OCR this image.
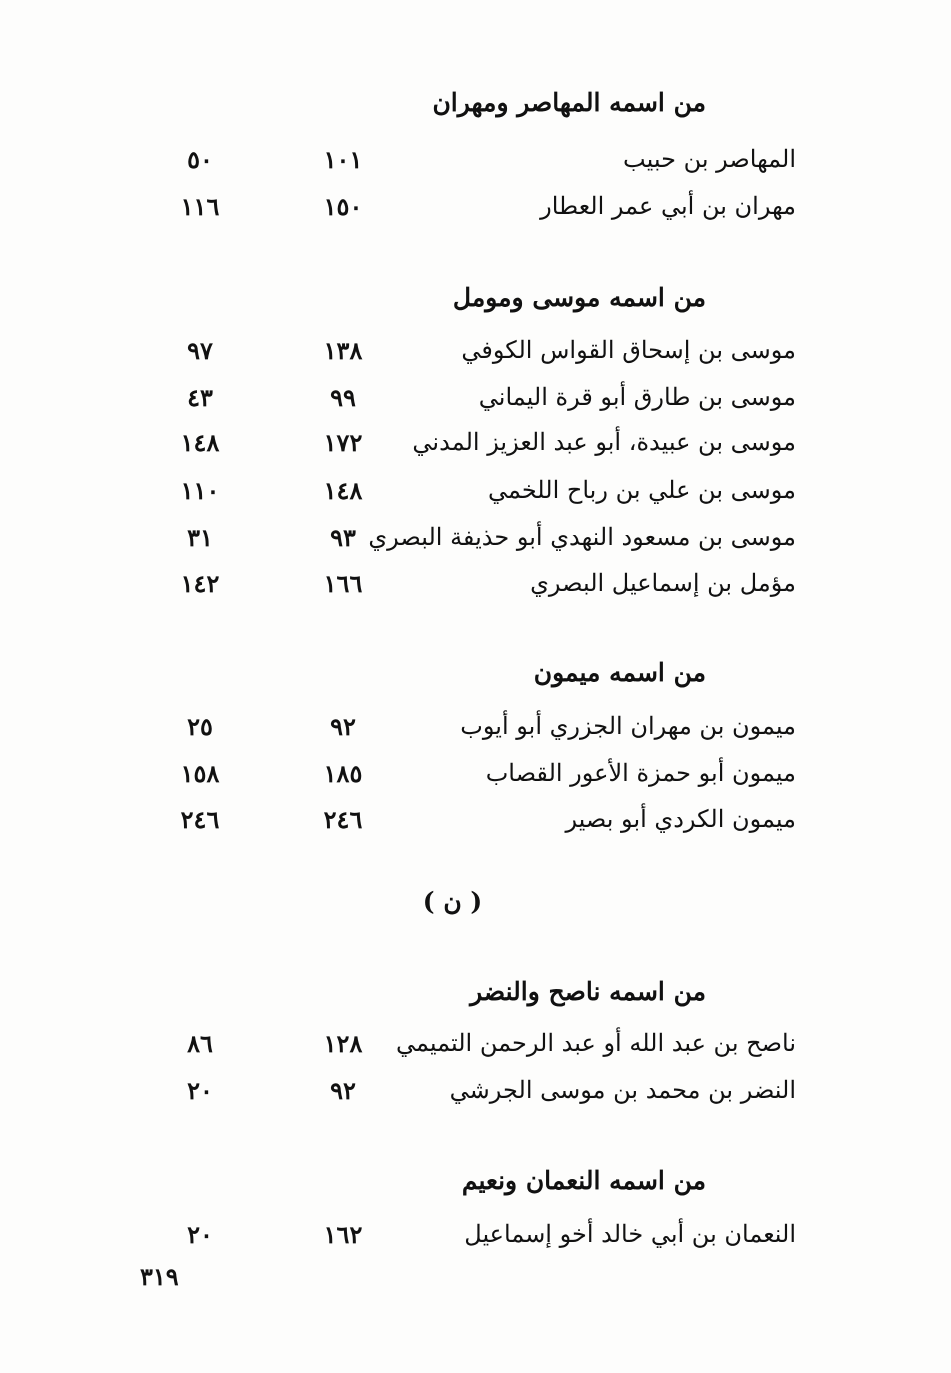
من اسمه المهاصر ومهران
المهاصر بن حبيب
١٠١
٥٠
مهران بن أبي عمر العطار
١٥٠
١١٦
من اسمه موسى ومومل
موسى بن إسحاق القواس الكوفي
١٣٨
٩٧
موسى بن طارق أبو قرة اليماني
٩٩
٤٣
موسى بن عبيدة، أبو عبد العزيز المدني
١٧٢
١٤٨
موسى بن علي بن رباح اللخمي
١٤٨
١١٠
موسى بن مسعود النهدي أبو حذيفة البصري
٩٣
٣١
مؤمل بن إسماعيل البصري
١٦٦
١٤٢
من اسمه ميمون
ميمون بن مهران الجزري أبو أيوب
٩٢
٢٥
ميمون أبو حمزة الأعور القصاب
١٨٥
١٥٨
ميمون الكردي أبو بصير
٢٤٦
٢٤٦
( ن )
من اسمه ناصح والنضر
ناصح بن عبد الله أو عبد الرحمن التميمي
١٢٨
٨٦
النضر بن محمد بن موسى الجرشي
٩٢
٢٠
من اسمه النعمان ونعيم
النعمان بن أبي خالد أخو إسماعيل
١٦٢
٢٠
٣١٩
